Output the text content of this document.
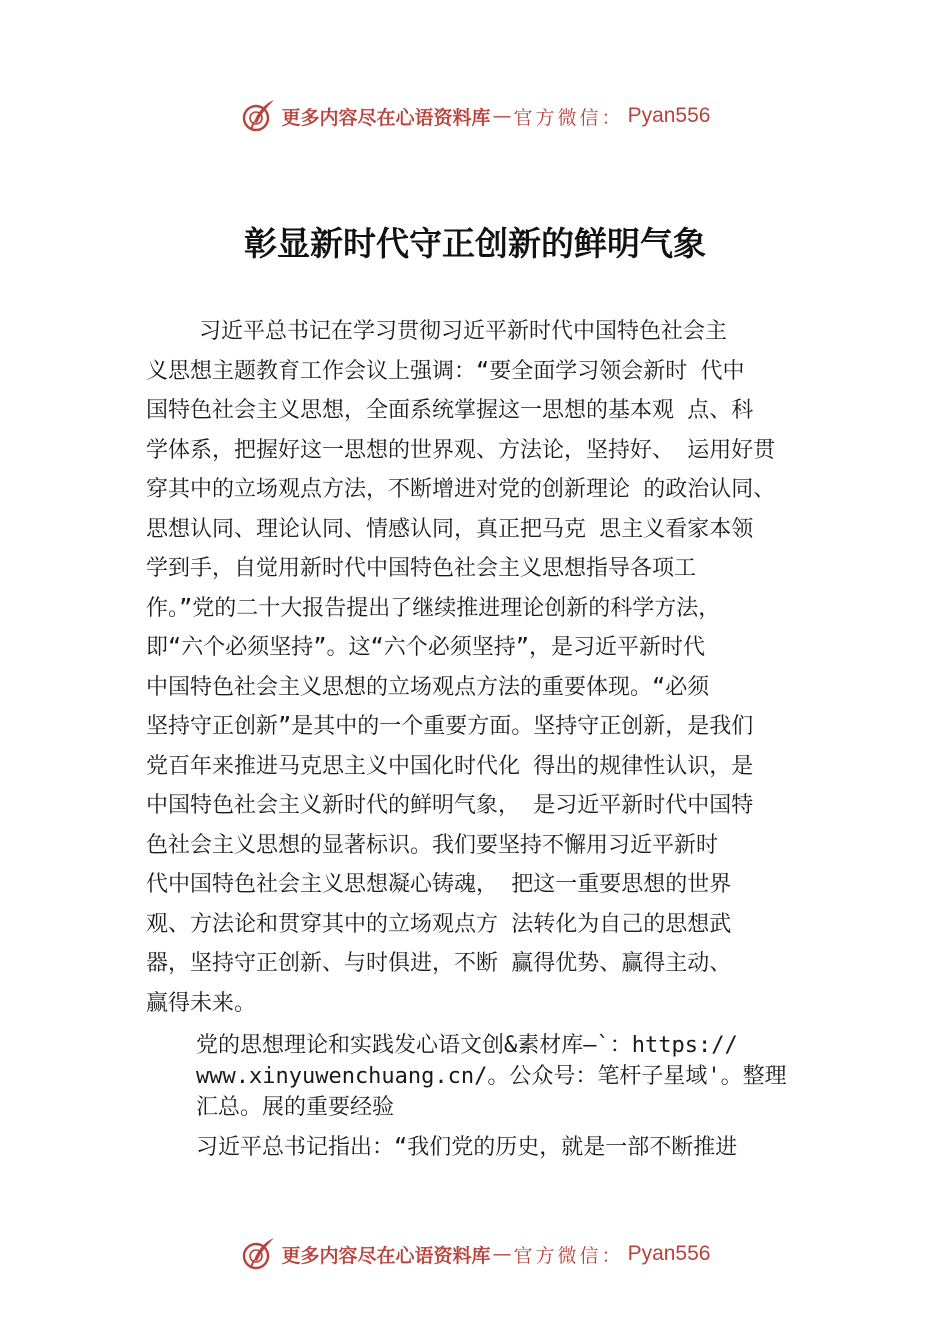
更多内容尽在心语资料库 — 官方微信： Pyan556
彰显新时代守正创新的鲜明气象
习近平总书记在学习贯彻习近平新时代中国特色社会主
义思想主题教育工作会议上强调：“要全面学习领会新时 代中
国特色社会主义思想，全面系统掌握这一思想的基本观 点、科
学体系，把握好这一思想的世界观、方法论，坚持好、 运用好贯
穿其中的立场观点方法，不断增进对党的创新理论 的政治认同、
思想认同、理论认同、情感认同，真正把马克 思主义看家本领
学到手，自觉用新时代中国特色社会主义思想指导各项工
作。”党的二十大报告提出了继续推进理论创新的科学方法，
即“六个必须坚持”。这“六个必须坚持”，是习近平新时代
中国特色社会主义思想的立场观点方法的重要体现。“必须
坚持守正创新”是其中的一个重要方面。坚持守正创新，是我们
党百年来推进马克思主义中国化时代化 得出的规律性认识，是
中国特色社会主义新时代的鲜明气象， 是习近平新时代中国特
色社会主义思想的显著标识。我们要坚持不懈用习近平新时
代中国特色社会主义思想凝心铸魂， 把这一重要思想的世界
观、方法论和贯穿其中的立场观点方 法转化为自己的思想武
器，坚持守正创新、与时俱进，不断 赢得优势、赢得主动、
赢得未来。
党的思想理论和实践发心语文创&素材库—`：https://
www.xinyuwenchuang.cn/。公众号：笔杆子星域'。整理
汇总。展的重要经验
习近平总书记指出：“我们党的历史，就是一部不断推进
更多内容尽在心语资料库 — 官方微信： Pyan556
